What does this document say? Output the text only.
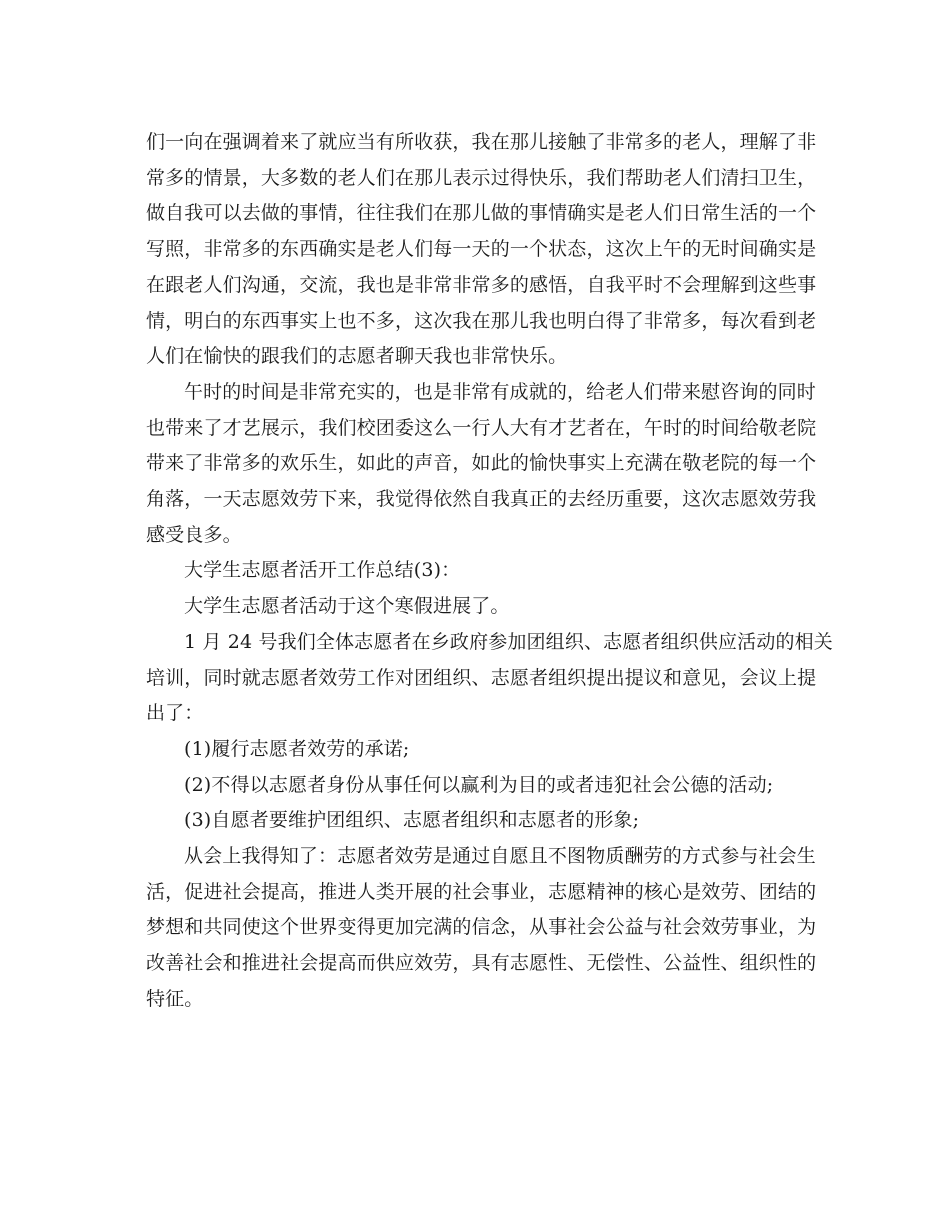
们一向在强调着来了就应当有所收获，我在那儿接触了非常多的老人，理解了非
常多的情景，大多数的老人们在那儿表示过得快乐，我们帮助老人们清扫卫生，
做自我可以去做的事情，往往我们在那儿做的事情确实是老人们日常生活的一个
写照，非常多的东西确实是老人们每一天的一个状态，这次上午的无时间确实是
在跟老人们沟通，交流，我也是非常非常多的感悟，自我平时不会理解到这些事
情，明白的东西事实上也不多，这次我在那儿我也明白得了非常多，每次看到老
人们在愉快的跟我们的志愿者聊天我也非常快乐。
午时的时间是非常充实的，也是非常有成就的，给老人们带来慰咨询的同时
也带来了才艺展示，我们校团委这么一行人大有才艺者在，午时的时间给敬老院
带来了非常多的欢乐生，如此的声音，如此的愉快事实上充满在敬老院的每一个
角落，一天志愿效劳下来，我觉得依然自我真正的去经历重要，这次志愿效劳我
感受良多。
大学生志愿者活开工作总结(3)：
大学生志愿者活动于这个寒假进展了。
1 月 24 号我们全体志愿者在乡政府参加团组织、志愿者组织供应活动的相关
培训，同时就志愿者效劳工作对团组织、志愿者组织提出提议和意见，会议上提
出了：
(1)履行志愿者效劳的承诺;
(2)不得以志愿者身份从事任何以赢利为目的或者违犯社会公德的活动;
(3)自愿者要维护团组织、志愿者组织和志愿者的形象;
从会上我得知了：志愿者效劳是通过自愿且不图物质酬劳的方式参与社会生
活，促进社会提高，推进人类开展的社会事业，志愿精神的核心是效劳、团结的
梦想和共同使这个世界变得更加完满的信念，从事社会公益与社会效劳事业，为
改善社会和推进社会提高而供应效劳，具有志愿性、无偿性、公益性、组织性的
特征。
